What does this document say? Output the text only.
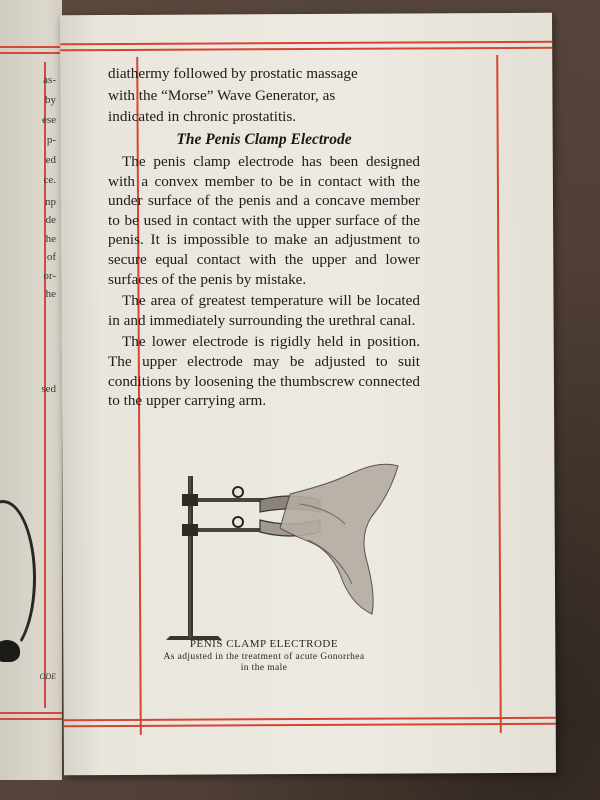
as-
by
ese
p-
ed
ce.
np
de
he
of
or-
he
sed
ODE

diathermy followed by prostatic massage

with the “Morse” Wave Generator, as

indicated in chronic prostatitis.

The Penis Clamp Electrode

The penis clamp electrode has been designed with a convex member to be in contact with the under surface of the penis and a concave member to be used in contact with the upper surface of the penis. It is impossible to make an adjustment to secure equal contact with the upper and lower surfaces of the penis by mistake.

The area of greatest temperature will be located in and immediately surrounding the urethral canal.

The lower electrode is rigidly held in position. The upper electrode may be adjusted to suit conditions by loosening the thumbscrew connected to the upper carrying arm.

PENIS CLAMP ELECTRODE
As adjusted in the treatment of acute Gonorrhea
in the male
